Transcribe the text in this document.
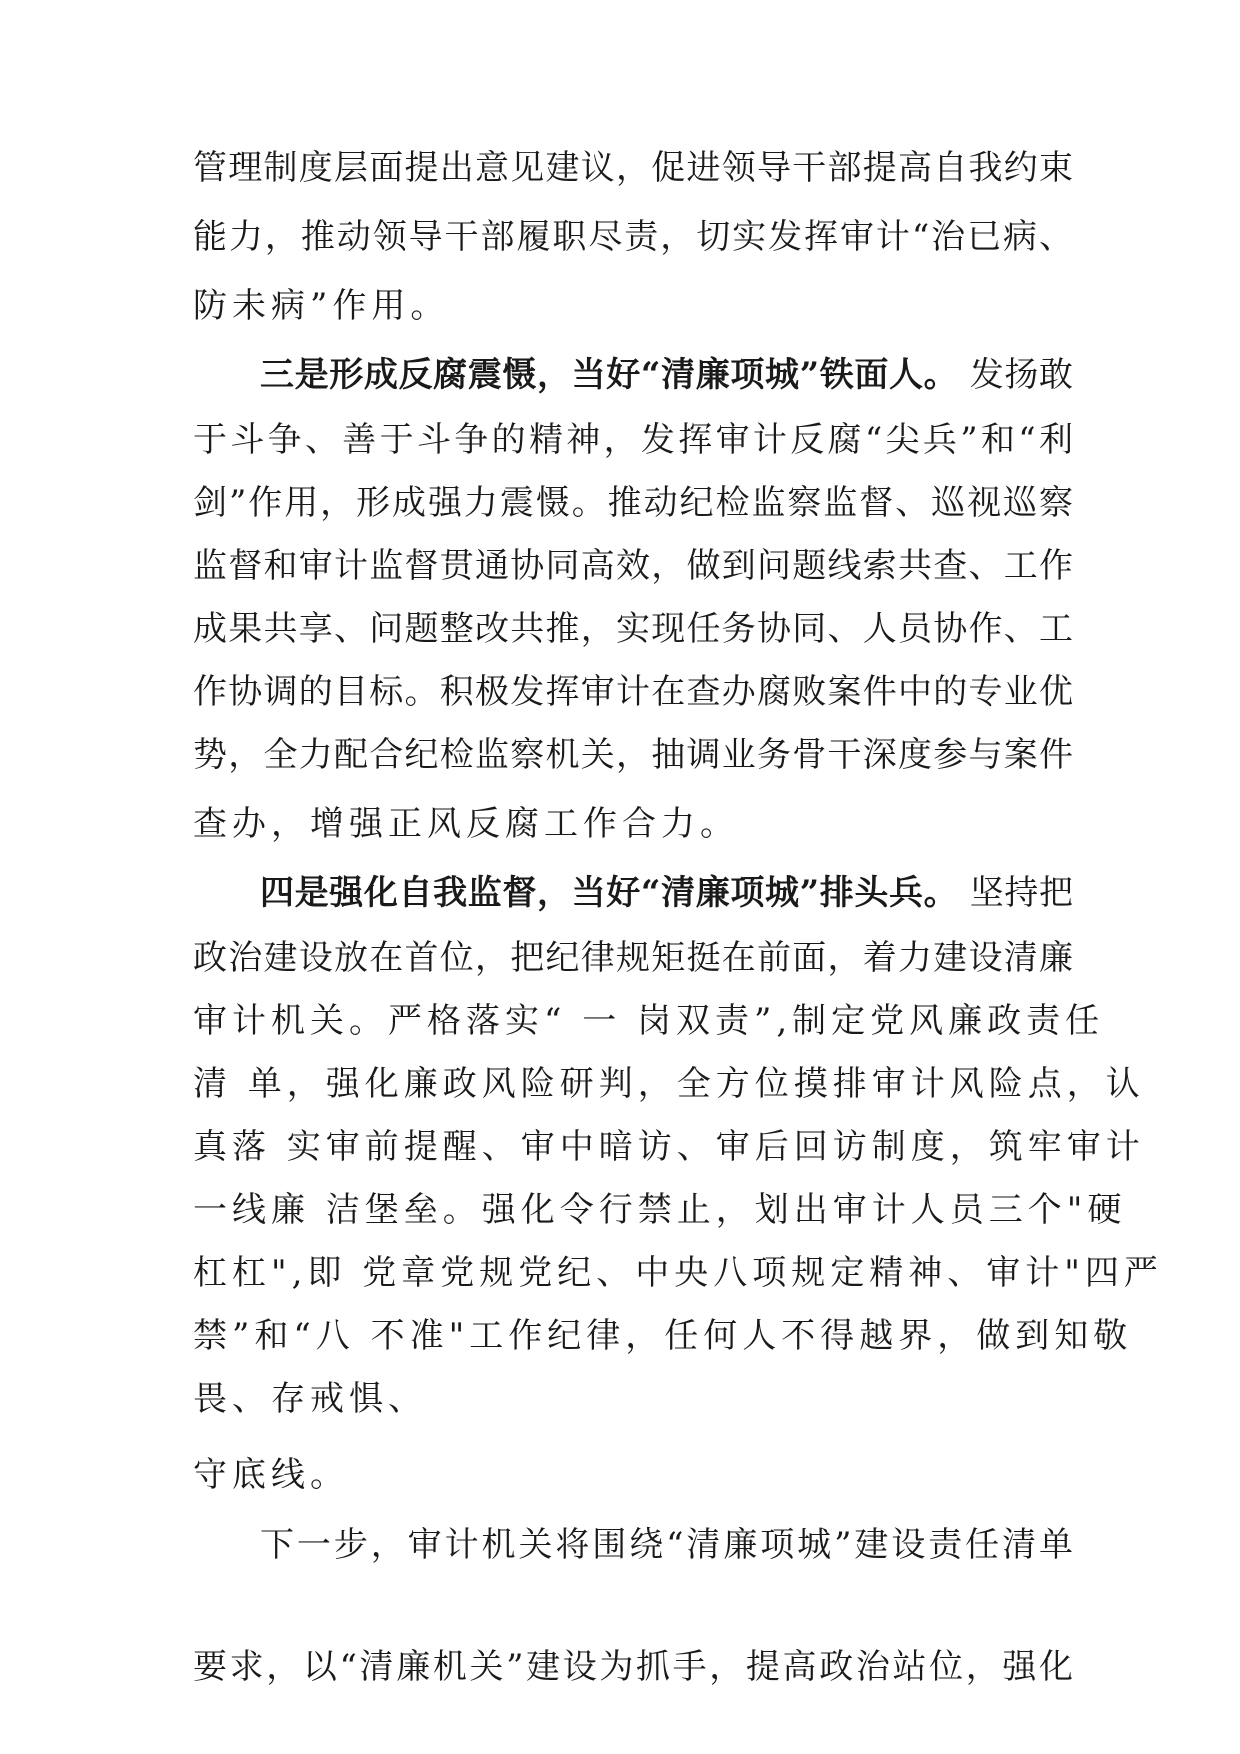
管理制度层面提出意见建议，促进领导干部提高自我约束
能力，推动领导干部履职尽责，切实发挥审计“治已病、
防未病”作用。
三是形成反腐震慑，当好“清廉项城”铁面人。 发扬敢
于斗争、善于斗争的精神，发挥审计反腐“尖兵”和“利
剑”作用，形成强力震慑。推动纪检监察监督、巡视巡察
监督和审计监督贯通协同高效，做到问题线索共查、工作
成果共享、问题整改共推，实现任务协同、人员协作、工
作协调的目标。积极发挥审计在查办腐败案件中的专业优
势，全力配合纪检监察机关，抽调业务骨干深度参与案件
查办，增强正风反腐工作合力。
四是强化自我监督，当好“清廉项城”排头兵。 坚持把
政治建设放在首位，把纪律规矩挺在前面，着力建设清廉
审计机关。严格落实“ 一 岗双责”,制定党风廉政责任
清 单，强化廉政风险研判，全方位摸排审计风险点，认
真落 实审前提醒、审中暗访、审后回访制度，筑牢审计
一线廉 洁堡垒。强化令行禁止，划出审计人员三个"硬
杠杠",即 党章党规党纪、中央八项规定精神、审计"四严
禁”和“八 不准"工作纪律，任何人不得越界，做到知敬
畏、存戒惧、
守底线。
下一步，审计机关将围绕“清廉项城”建设责任清单
要求，以“清廉机关”建设为抓手，提高政治站位，强化
